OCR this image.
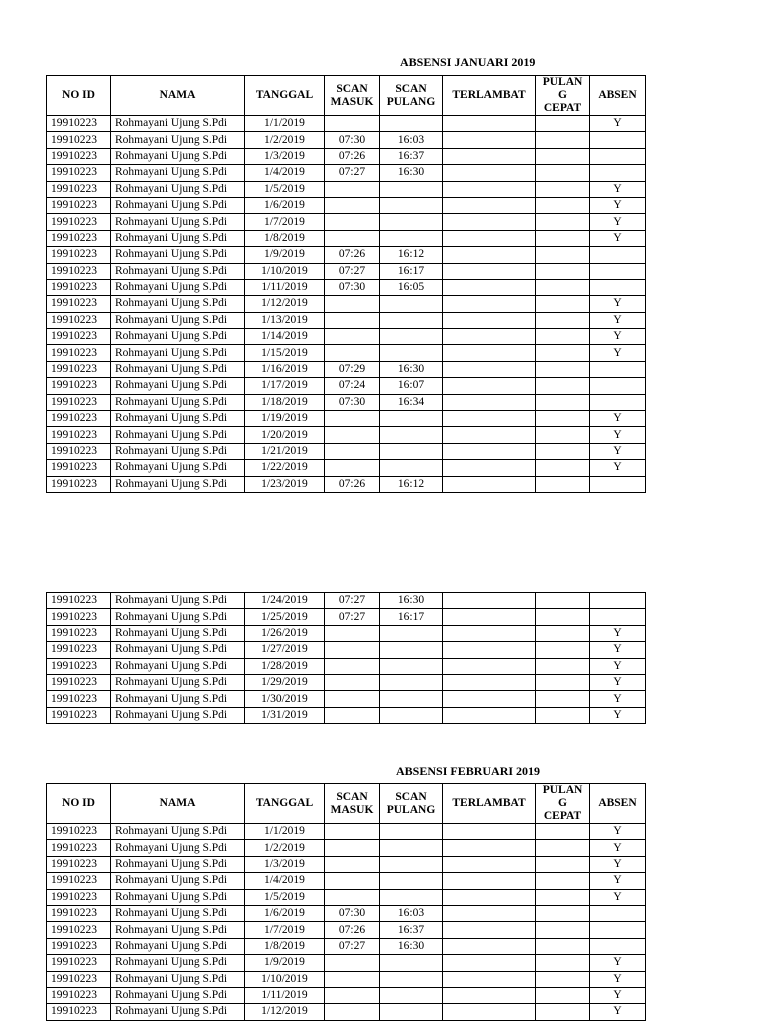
ABSENSI JANUARI 2019
NO ID	NAMA	TANGGAL	SCAN MASUK	SCAN PULANG	TERLAMBAT	PULAN G CEPAT	ABSEN
19910223	Rohmayani Ujung S.Pdi	1/1/2019					Y
19910223	Rohmayani Ujung S.Pdi	1/2/2019	07:30	16:03			
19910223	Rohmayani Ujung S.Pdi	1/3/2019	07:26	16:37			
19910223	Rohmayani Ujung S.Pdi	1/4/2019	07:27	16:30			
19910223	Rohmayani Ujung S.Pdi	1/5/2019					Y
19910223	Rohmayani Ujung S.Pdi	1/6/2019					Y
19910223	Rohmayani Ujung S.Pdi	1/7/2019					Y
19910223	Rohmayani Ujung S.Pdi	1/8/2019					Y
19910223	Rohmayani Ujung S.Pdi	1/9/2019	07:26	16:12			
19910223	Rohmayani Ujung S.Pdi	1/10/2019	07:27	16:17			
19910223	Rohmayani Ujung S.Pdi	1/11/2019	07:30	16:05			
19910223	Rohmayani Ujung S.Pdi	1/12/2019					Y
19910223	Rohmayani Ujung S.Pdi	1/13/2019					Y
19910223	Rohmayani Ujung S.Pdi	1/14/2019					Y
19910223	Rohmayani Ujung S.Pdi	1/15/2019					Y
19910223	Rohmayani Ujung S.Pdi	1/16/2019	07:29	16:30			
19910223	Rohmayani Ujung S.Pdi	1/17/2019	07:24	16:07			
19910223	Rohmayani Ujung S.Pdi	1/18/2019	07:30	16:34			
19910223	Rohmayani Ujung S.Pdi	1/19/2019					Y
19910223	Rohmayani Ujung S.Pdi	1/20/2019					Y
19910223	Rohmayani Ujung S.Pdi	1/21/2019					Y
19910223	Rohmayani Ujung S.Pdi	1/22/2019					Y
19910223	Rohmayani Ujung S.Pdi	1/23/2019	07:26	16:12			
19910223	Rohmayani Ujung S.Pdi	1/24/2019	07:27	16:30			
19910223	Rohmayani Ujung S.Pdi	1/25/2019	07:27	16:17			
19910223	Rohmayani Ujung S.Pdi	1/26/2019					Y
19910223	Rohmayani Ujung S.Pdi	1/27/2019					Y
19910223	Rohmayani Ujung S.Pdi	1/28/2019					Y
19910223	Rohmayani Ujung S.Pdi	1/29/2019					Y
19910223	Rohmayani Ujung S.Pdi	1/30/2019					Y
19910223	Rohmayani Ujung S.Pdi	1/31/2019					Y
ABSENSI FEBRUARI 2019
NO ID	NAMA	TANGGAL	SCAN MASUK	SCAN PULANG	TERLAMBAT	PULAN G CEPAT	ABSEN
19910223	Rohmayani Ujung S.Pdi	1/1/2019					Y
19910223	Rohmayani Ujung S.Pdi	1/2/2019					Y
19910223	Rohmayani Ujung S.Pdi	1/3/2019					Y
19910223	Rohmayani Ujung S.Pdi	1/4/2019					Y
19910223	Rohmayani Ujung S.Pdi	1/5/2019					Y
19910223	Rohmayani Ujung S.Pdi	1/6/2019	07:30	16:03			
19910223	Rohmayani Ujung S.Pdi	1/7/2019	07:26	16:37			
19910223	Rohmayani Ujung S.Pdi	1/8/2019	07:27	16:30			
19910223	Rohmayani Ujung S.Pdi	1/9/2019					Y
19910223	Rohmayani Ujung S.Pdi	1/10/2019					Y
19910223	Rohmayani Ujung S.Pdi	1/11/2019					Y
19910223	Rohmayani Ujung S.Pdi	1/12/2019					Y
